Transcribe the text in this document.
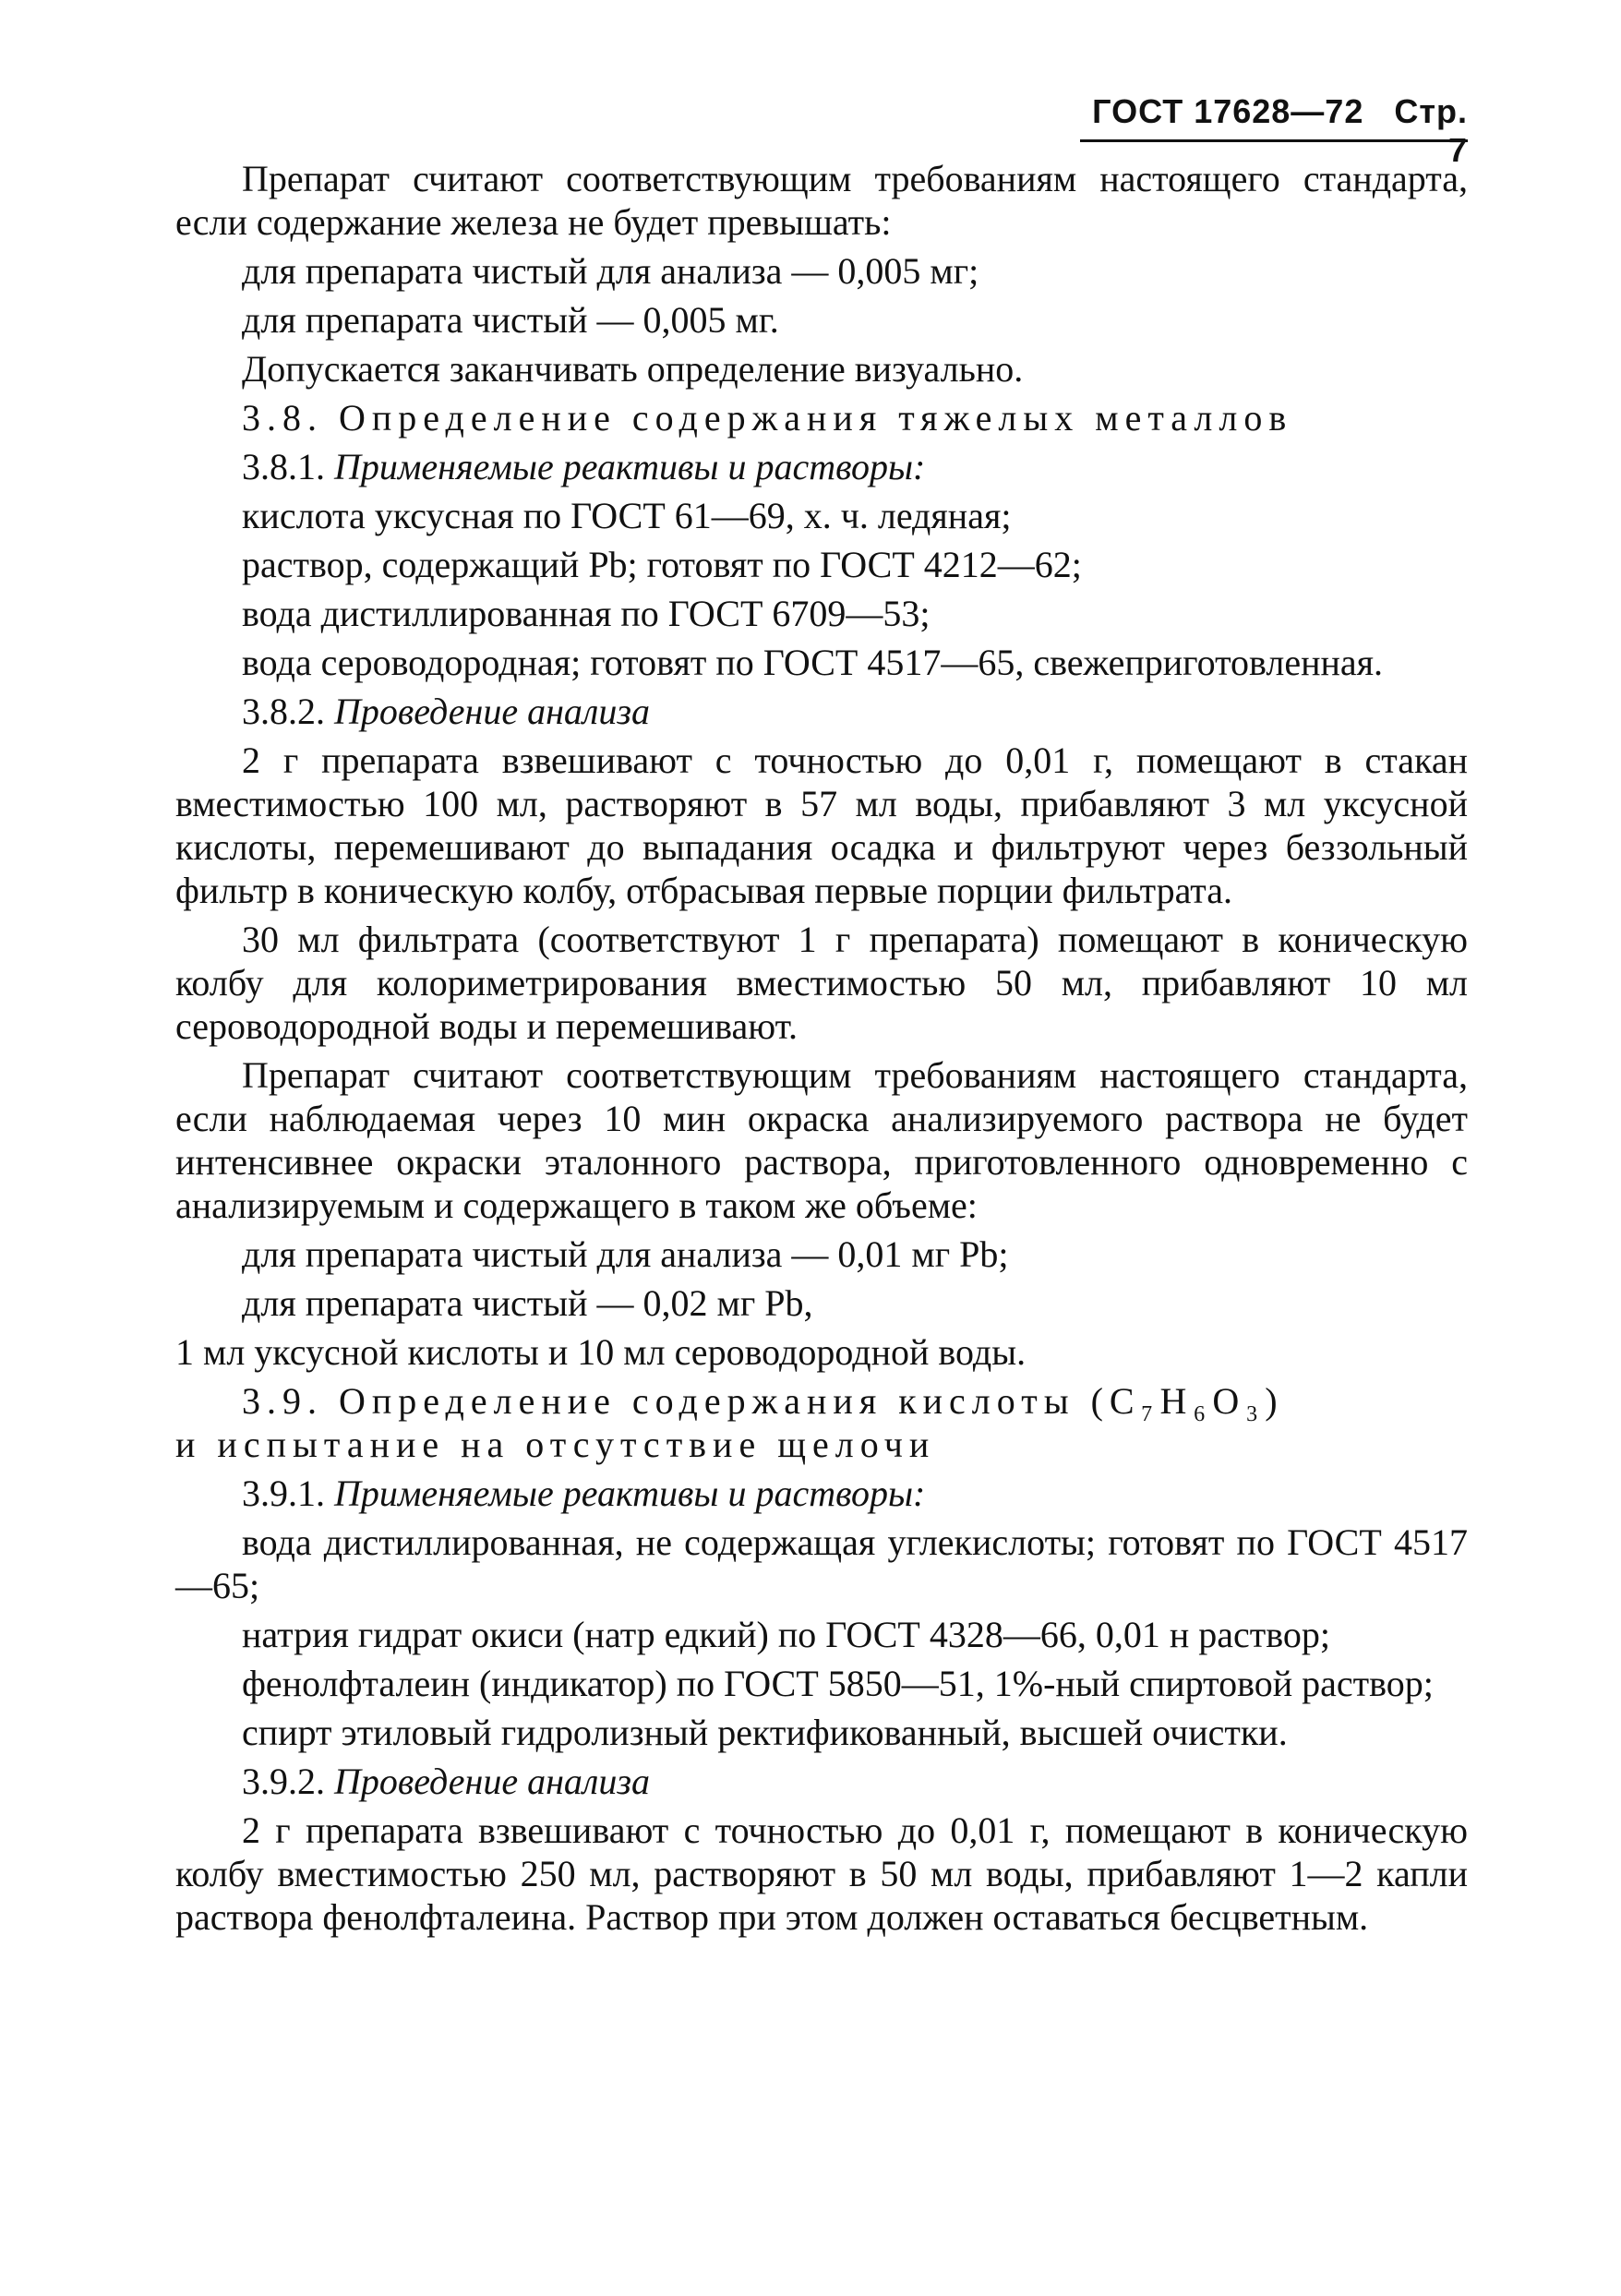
ГОСТ 17628—72 Стр. 7

Препарат считают соответствующим требованиям настоящего стандарта, если содержание железа не будет превышать:

для препарата чистый для анализа — 0,005 мг;

для препарата чистый — 0,005 мг.

Допускается заканчивать определение визуально.

3.8. Определение содержания тяжелых металлов

3.8.1. Применяемые реактивы и растворы:

кислота уксусная по ГОСТ 61—69, х. ч. ледяная;

раствор, содержащий Pb; готовят по ГОСТ 4212—62;

вода дистиллированная по ГОСТ 6709—53;

вода сероводородная; готовят по ГОСТ 4517—65, свежеприготовленная.

3.8.2. Проведение анализа

2 г препарата взвешивают с точностью до 0,01 г, помещают в стакан вместимостью 100 мл, растворяют в 57 мл воды, прибавляют 3 мл уксусной кислоты, перемешивают до выпадания осадка и фильтруют через беззольный фильтр в коническую колбу, отбрасывая первые порции фильтрата.

30 мл фильтрата (соответствуют 1 г препарата) помещают в коническую колбу для колориметрирования вместимостью 50 мл, прибавляют 10 мл сероводородной воды и перемешивают.

Препарат считают соответствующим требованиям настоящего стандарта, если наблюдаемая через 10 мин окраска анализируемого раствора не будет интенсивнее окраски эталонного раствора, приготовленного одновременно с анализируемым и содержащего в таком же объеме:

для препарата чистый для анализа — 0,01 мг Pb;

для препарата чистый — 0,02 мг Pb,

1 мл уксусной кислоты и 10 мл сероводородной воды.

3.9. Определение содержания кислоты (C₇H₆O₃)
и испытание на отсутствие щелочи

3.9.1. Применяемые реактивы и растворы:

вода дистиллированная, не содержащая углекислоты; готовят по ГОСТ 4517—65;

натрия гидрат окиси (натр едкий) по ГОСТ 4328—66, 0,01 н раствор;

фенолфталеин (индикатор) по ГОСТ 5850—51, 1%-ный спиртовой раствор;

спирт этиловый гидролизный ректификованный, высшей очистки.

3.9.2. Проведение анализа

2 г препарата взвешивают с точностью до 0,01 г, помещают в коническую колбу вместимостью 250 мл, растворяют в 50 мл воды, прибавляют 1—2 капли раствора фенолфталеина. Раствор при этом должен оставаться бесцветным.
